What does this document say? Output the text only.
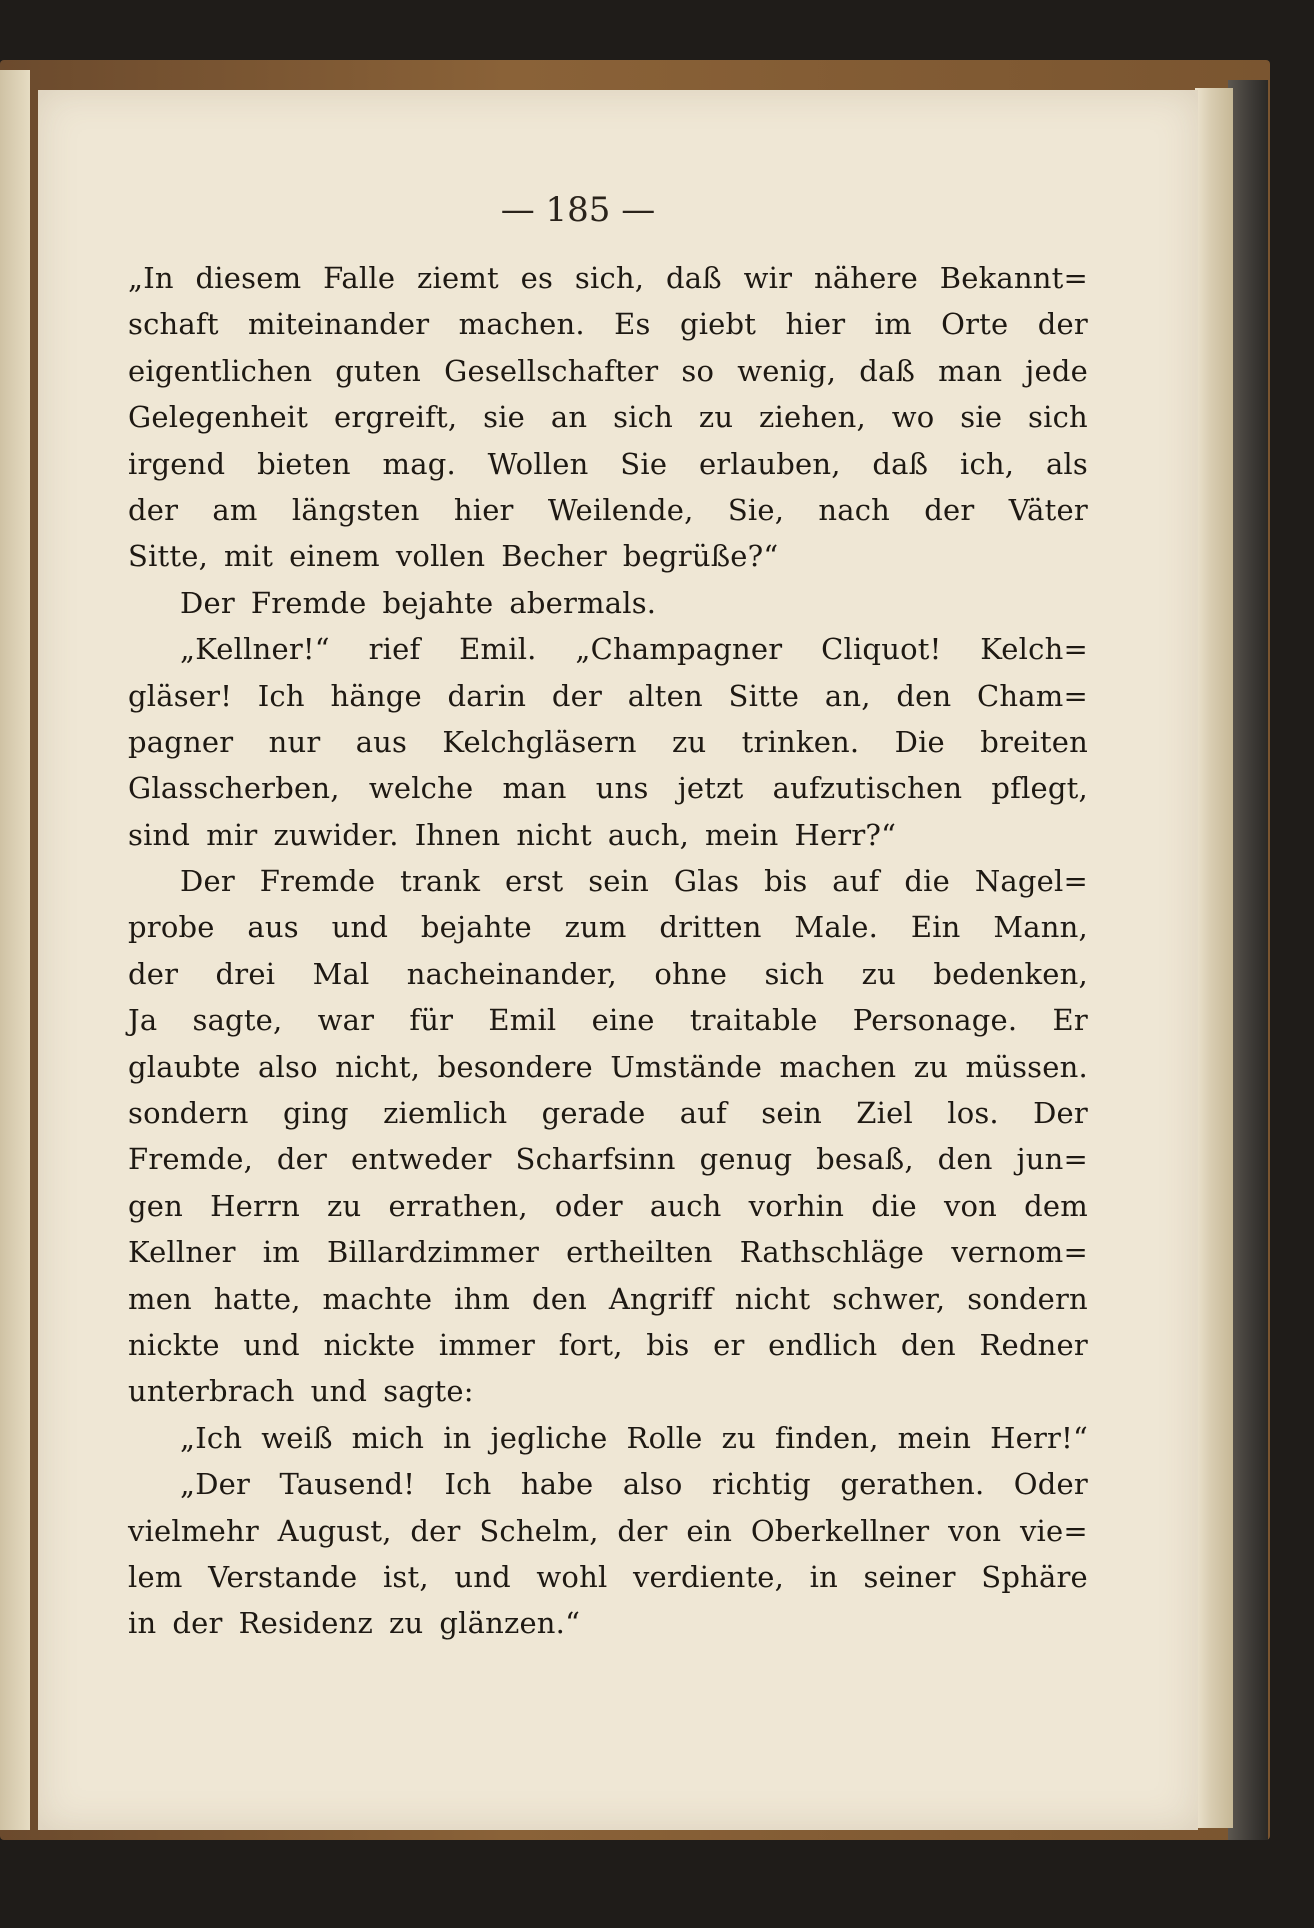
— 185 —
„In diesem Falle ziemt es sich, daß wir nähere Bekannt=
schaft miteinander machen. Es giebt hier im Orte der
eigentlichen guten Gesellschafter so wenig, daß man jede
Gelegenheit ergreift, sie an sich zu ziehen, wo sie sich
irgend bieten mag. Wollen Sie erlauben, daß ich, als
der am längsten hier Weilende, Sie, nach der Väter
Sitte, mit einem vollen Becher begrüße?“
Der Fremde bejahte abermals.
„Kellner!“ rief Emil. „Champagner Cliquot! Kelch=
gläser! Ich hänge darin der alten Sitte an, den Cham=
pagner nur aus Kelchgläsern zu trinken. Die breiten
Glasscherben, welche man uns jetzt aufzutischen pflegt,
sind mir zuwider. Ihnen nicht auch, mein Herr?“
Der Fremde trank erst sein Glas bis auf die Nagel=
probe aus und bejahte zum dritten Male. Ein Mann,
der drei Mal nacheinander, ohne sich zu bedenken,
Ja sagte, war für Emil eine traitable Personage. Er
glaubte also nicht, besondere Umstände machen zu müssen.
sondern ging ziemlich gerade auf sein Ziel los. Der
Fremde, der entweder Scharfsinn genug besaß, den jun=
gen Herrn zu errathen, oder auch vorhin die von dem
Kellner im Billardzimmer ertheilten Rathschläge vernom=
men hatte, machte ihm den Angriff nicht schwer, sondern
nickte und nickte immer fort, bis er endlich den Redner
unterbrach und sagte:
„Ich weiß mich in jegliche Rolle zu finden, mein Herr!“
„Der Tausend! Ich habe also richtig gerathen. Oder
vielmehr August, der Schelm, der ein Oberkellner von vie=
lem Verstande ist, und wohl verdiente, in seiner Sphäre
in der Residenz zu glänzen.“
